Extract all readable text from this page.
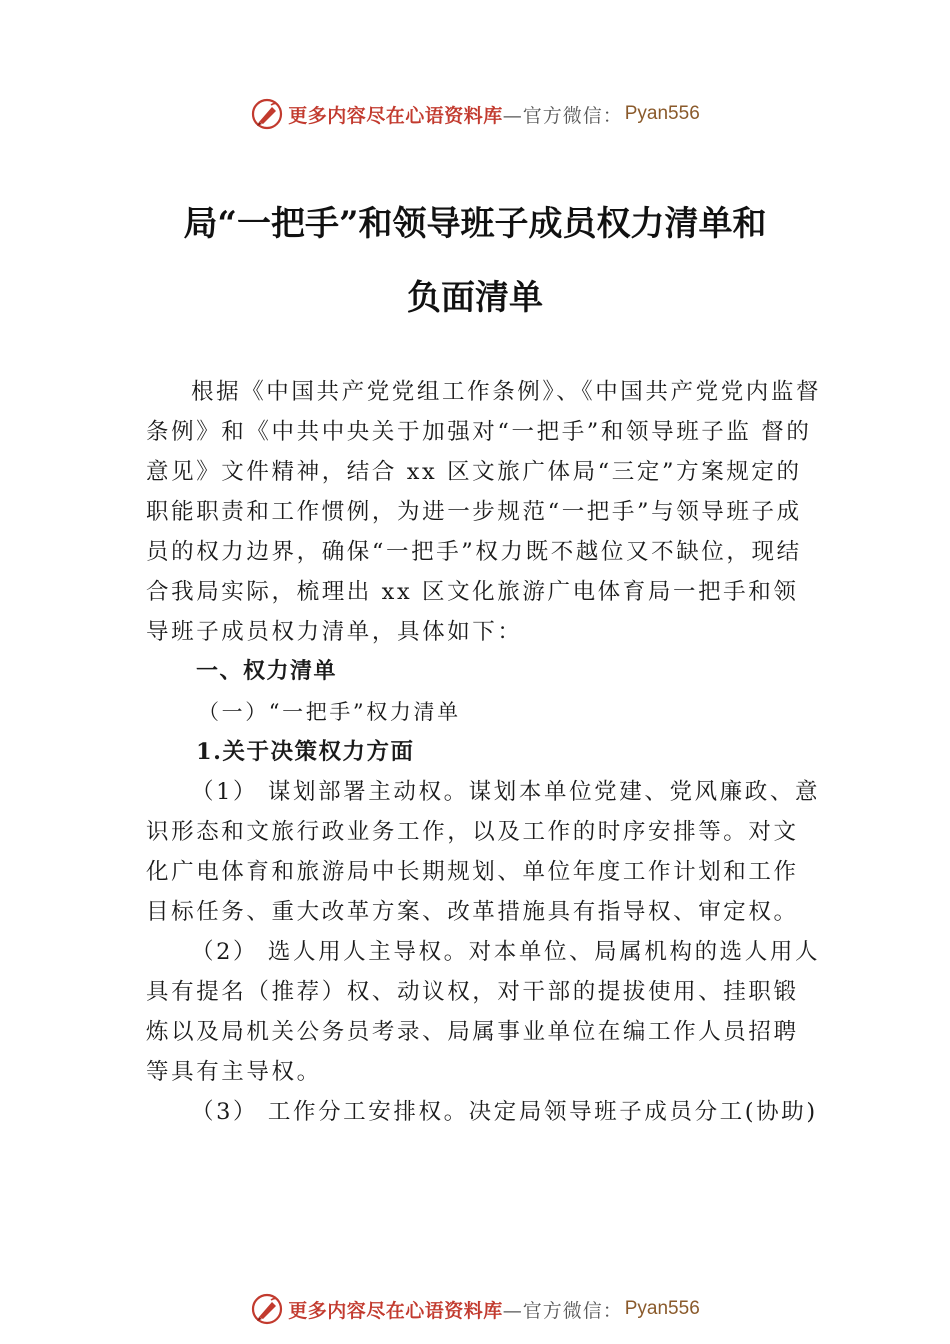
更多内容尽在心语资料库 —官方微信： Pyan556
局“一把手”和领导班子成员权力清单和
负面清单

根据《中国共产党党组工作条例》、《中国共产党党内监督条例》和《中共中央关于加强对“一把手”和领导班子监 督的意见》文件精神，结合 xx 区文旅广体局“三定”方案规定的职能职责和工作惯例，为进一步规范“一把手”与领导班子成员的权力边界，确保“一把手”权力既不越位又不缺位，现结合我局实际，梳理出 xx 区文化旅游广电体育局一把手和领导班子成员权力清单，具体如下：

一、权力清单

（一）“一把手”权力清单

1.关于决策权力方面

（1） 谋划部署主动权。谋划本单位党建、党风廉政、意识形态和文旅行政业务工作，以及工作的时序安排等。对文化广电体育和旅游局中长期规划、单位年度工作计划和工作目标任务、重大改革方案、改革措施具有指导权、审定权。

（2） 选人用人主导权。对本单位、局属机构的选人用人具有提名（推荐）权、动议权，对干部的提拔使用、挂职锻炼以及局机关公务员考录、局属事业单位在编工作人员招聘等具有主导权。

（3） 工作分工安排权。决定局领导班子成员分工(协助)

更多内容尽在心语资料库 —官方微信： Pyan556
